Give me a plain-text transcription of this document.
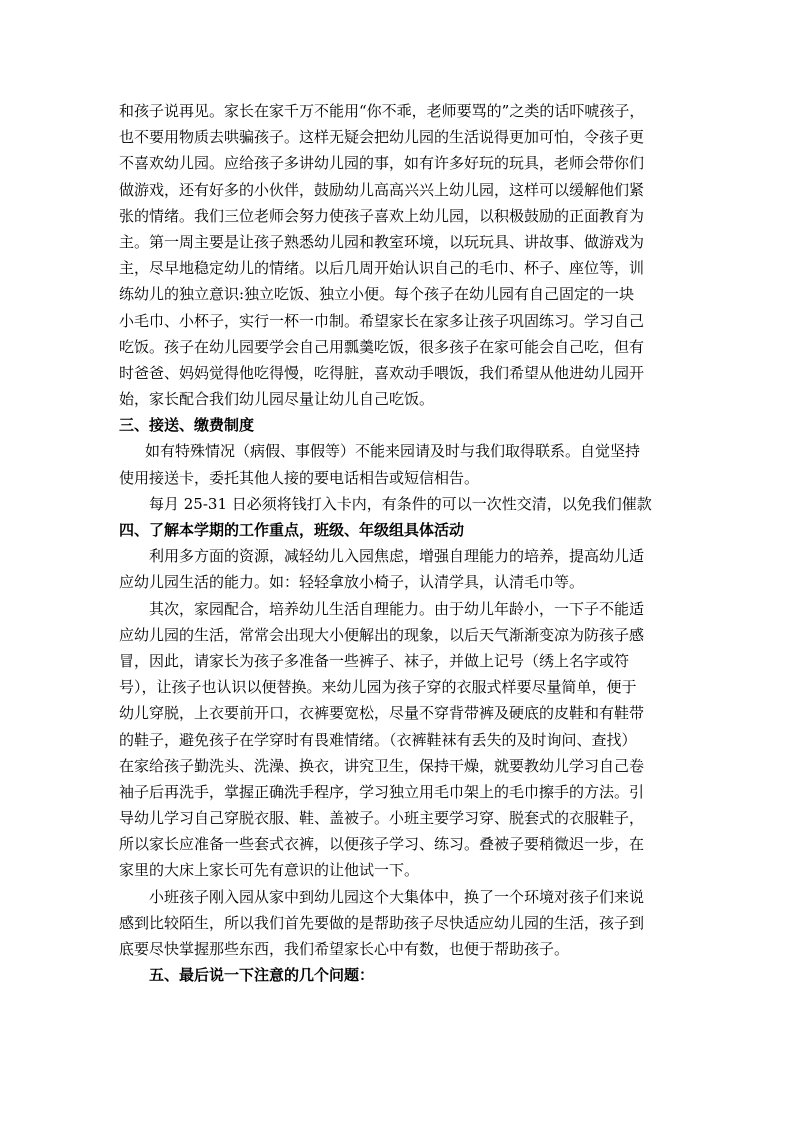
和孩子说再见。家长在家千万不能用“你不乖，老师要骂的”之类的话吓唬孩子，
也不要用物质去哄骗孩子。这样无疑会把幼儿园的生活说得更加可怕，令孩子更
不喜欢幼儿园。应给孩子多讲幼儿园的事，如有许多好玩的玩具，老师会带你们
做游戏，还有好多的小伙伴，鼓励幼儿高高兴兴上幼儿园，这样可以缓解他们紧
张的情绪。我们三位老师会努力使孩子喜欢上幼儿园，以积极鼓励的正面教育为
主。第一周主要是让孩子熟悉幼儿园和教室环境，以玩玩具、讲故事、做游戏为
主，尽早地稳定幼儿的情绪。以后几周开始认识自己的毛巾、杯子、座位等，训
练幼儿的独立意识:独立吃饭、独立小便。每个孩子在幼儿园有自己固定的一块
小毛巾、小杯子，实行一杯一巾制。希望家长在家多让孩子巩固练习。学习自己
吃饭。孩子在幼儿园要学会自己用瓢羹吃饭，很多孩子在家可能会自己吃，但有
时爸爸、妈妈觉得他吃得慢，吃得脏，喜欢动手喂饭，我们希望从他进幼儿园开
始，家长配合我们幼儿园尽量让幼儿自己吃饭。
三、接送、缴费制度
如有特殊情况（病假、事假等）不能来园请及时与我们取得联系。自觉坚持
使用接送卡，委托其他人接的要电话相告或短信相告。
每月 25-31 日必须将钱打入卡内，有条件的可以一次性交清，以免我们催款
四、了解本学期的工作重点，班级、年级组具体活动
利用多方面的资源，减轻幼儿入园焦虑，增强自理能力的培养，提高幼儿适
应幼儿园生活的能力。如：轻轻拿放小椅子，认清学具，认清毛巾等。
其次，家园配合，培养幼儿生活自理能力。由于幼儿年龄小，一下子不能适
应幼儿园的生活，常常会出现大小便解出的现象，以后天气渐渐变凉为防孩子感
冒，因此，请家长为孩子多准备一些裤子、袜子，并做上记号（绣上名字或符
号），让孩子也认识以便替换。来幼儿园为孩子穿的衣服式样要尽量简单，便于
幼儿穿脱，上衣要前开口，衣裤要宽松，尽量不穿背带裤及硬底的皮鞋和有鞋带
的鞋子，避免孩子在学穿时有畏难情绪。（衣裤鞋袜有丢失的及时询问、查找）
在家给孩子勤洗头、洗澡、换衣，讲究卫生，保持干燥，就要教幼儿学习自己卷
袖子后再洗手，掌握正确洗手程序，学习独立用毛巾架上的毛巾擦手的方法。引
导幼儿学习自己穿脱衣服、鞋、盖被子。小班主要学习穿、脱套式的衣服鞋子，
所以家长应准备一些套式衣裤，以便孩子学习、练习。叠被子要稍微迟一步，在
家里的大床上家长可先有意识的让他试一下。
小班孩子刚入园从家中到幼儿园这个大集体中，换了一个环境对孩子们来说
感到比较陌生，所以我们首先要做的是帮助孩子尽快适应幼儿园的生活，孩子到
底要尽快掌握那些东西，我们希望家长心中有数，也便于帮助孩子。
五、最后说一下注意的几个问题：
